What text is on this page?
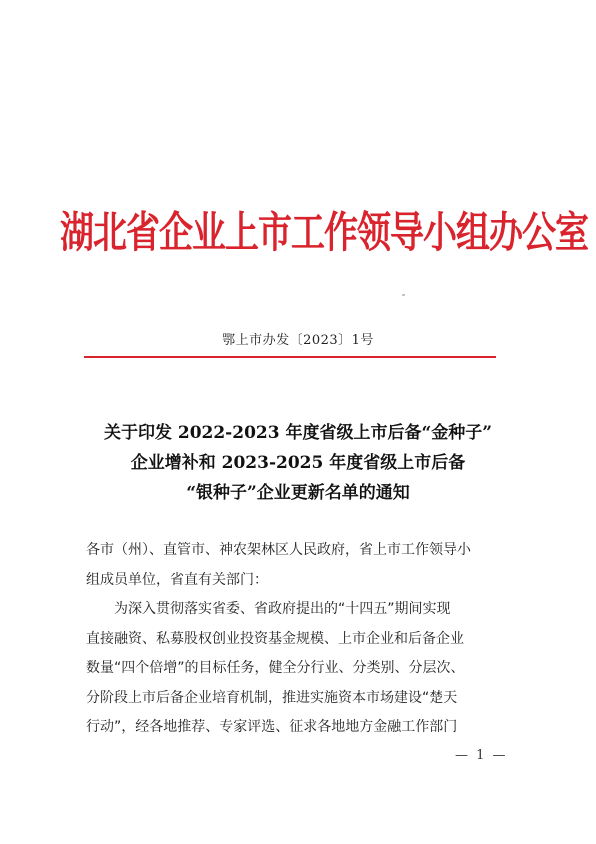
湖北省企业上市工作领导小组办公室
鄂上市办发〔2023〕1号
关于印发 2022-2023 年度省级上市后备“金种子”
企业增补和 2023-2025 年度省级上市后备
“银种子”企业更新名单的通知
各市（州）、直管市、神农架林区人民政府，省上市工作领导小
组成员单位，省直有关部门：
为深入贯彻落实省委、省政府提出的“十四五”期间实现
直接融资、私募股权创业投资基金规模、上市企业和后备企业
数量“四个倍增”的目标任务，健全分行业、分类别、分层次、
分阶段上市后备企业培育机制，推进实施资本市场建设“楚天
行动”，经各地推荐、专家评选、征求各地地方金融工作部门
— 1 —
